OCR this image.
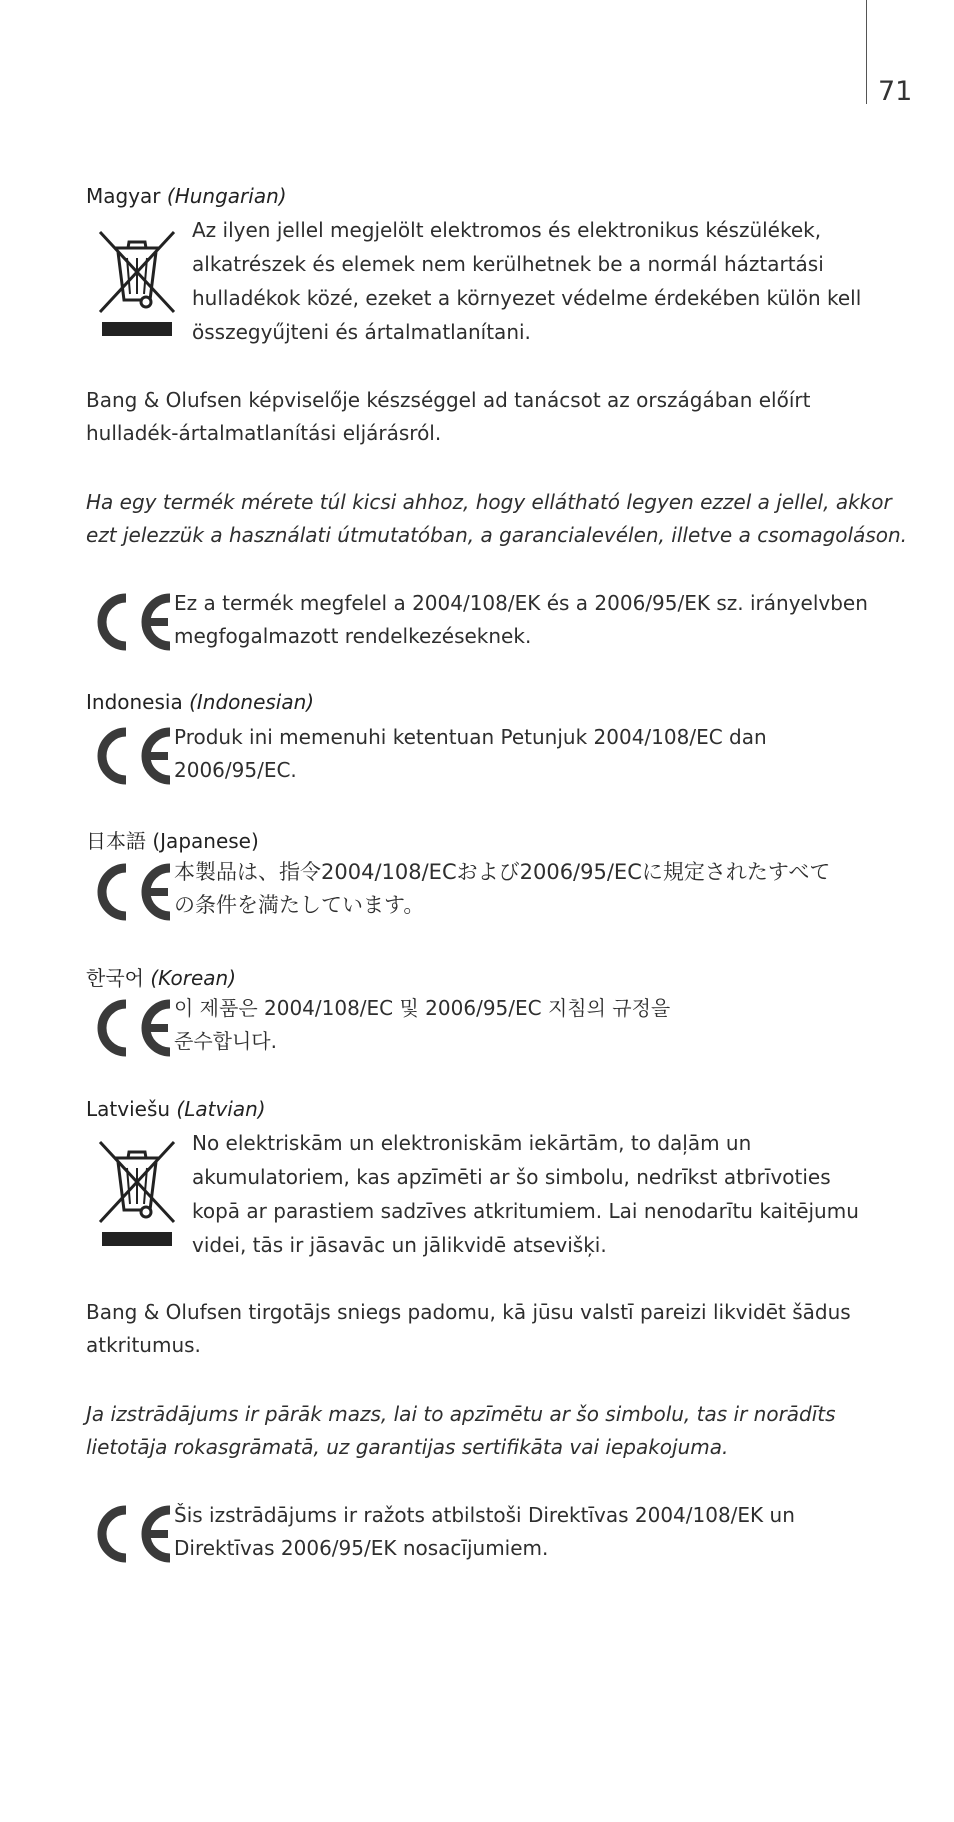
71
Magyar (Hungarian)

Az ilyen jellel megjelölt elektromos és elektronikus készülékek,

alkatrészek és elemek nem kerülhetnek be a normál háztartási

hulladékok közé, ezeket a környezet védelme érdekében külön kell

összegyűjteni és ártalmatlanítani.

Bang & Olufsen képviselője készséggel ad tanácsot az országában előírt

hulladék-ártalmatlanítási eljárásról.

Ha egy termék mérete túl kicsi ahhoz, hogy ellátható legyen ezzel a jellel, akkor

ezt jelezzük a használati útmutatóban, a garancialevélen, illetve a csomagoláson.

Ez a termék megfelel a 2004/108/EK és a 2006/95/EK sz. irányelvben

megfogalmazott rendelkezéseknek.

Indonesia (Indonesian)

Produk ini memenuhi ketentuan Petunjuk 2004/108/EC dan

2006/95/EC.

日本語 (Japanese)

本製品は、指令2004/108/ECおよび2006/95/ECに規定されたすべて

の条件を満たしています。

한국어 (Korean)

이 제품은 2004/108/EC 및 2006/95/EC 지침의 규정을

준수합니다.

Latviešu (Latvian)

No elektriskām un elektroniskām iekārtām, to daļām un

akumulatoriem, kas apzīmēti ar šo simbolu, nedrīkst atbrīvoties

kopā ar parastiem sadzīves atkritumiem. Lai nenodarītu kaitējumu

videi, tās ir jāsavāc un jālikvidē atsevišķi.

Bang & Olufsen tirgotājs sniegs padomu, kā jūsu valstī pareizi likvidēt šādus

atkritumus.

Ja izstrādājums ir pārāk mazs, lai to apzīmētu ar šo simbolu, tas ir norādīts

lietotāja rokasgrāmatā, uz garantijas sertifikāta vai iepakojuma.

Šis izstrādājums ir ražots atbilstoši Direktīvas 2004/108/EK un

Direktīvas 2006/95/EK nosacījumiem.
